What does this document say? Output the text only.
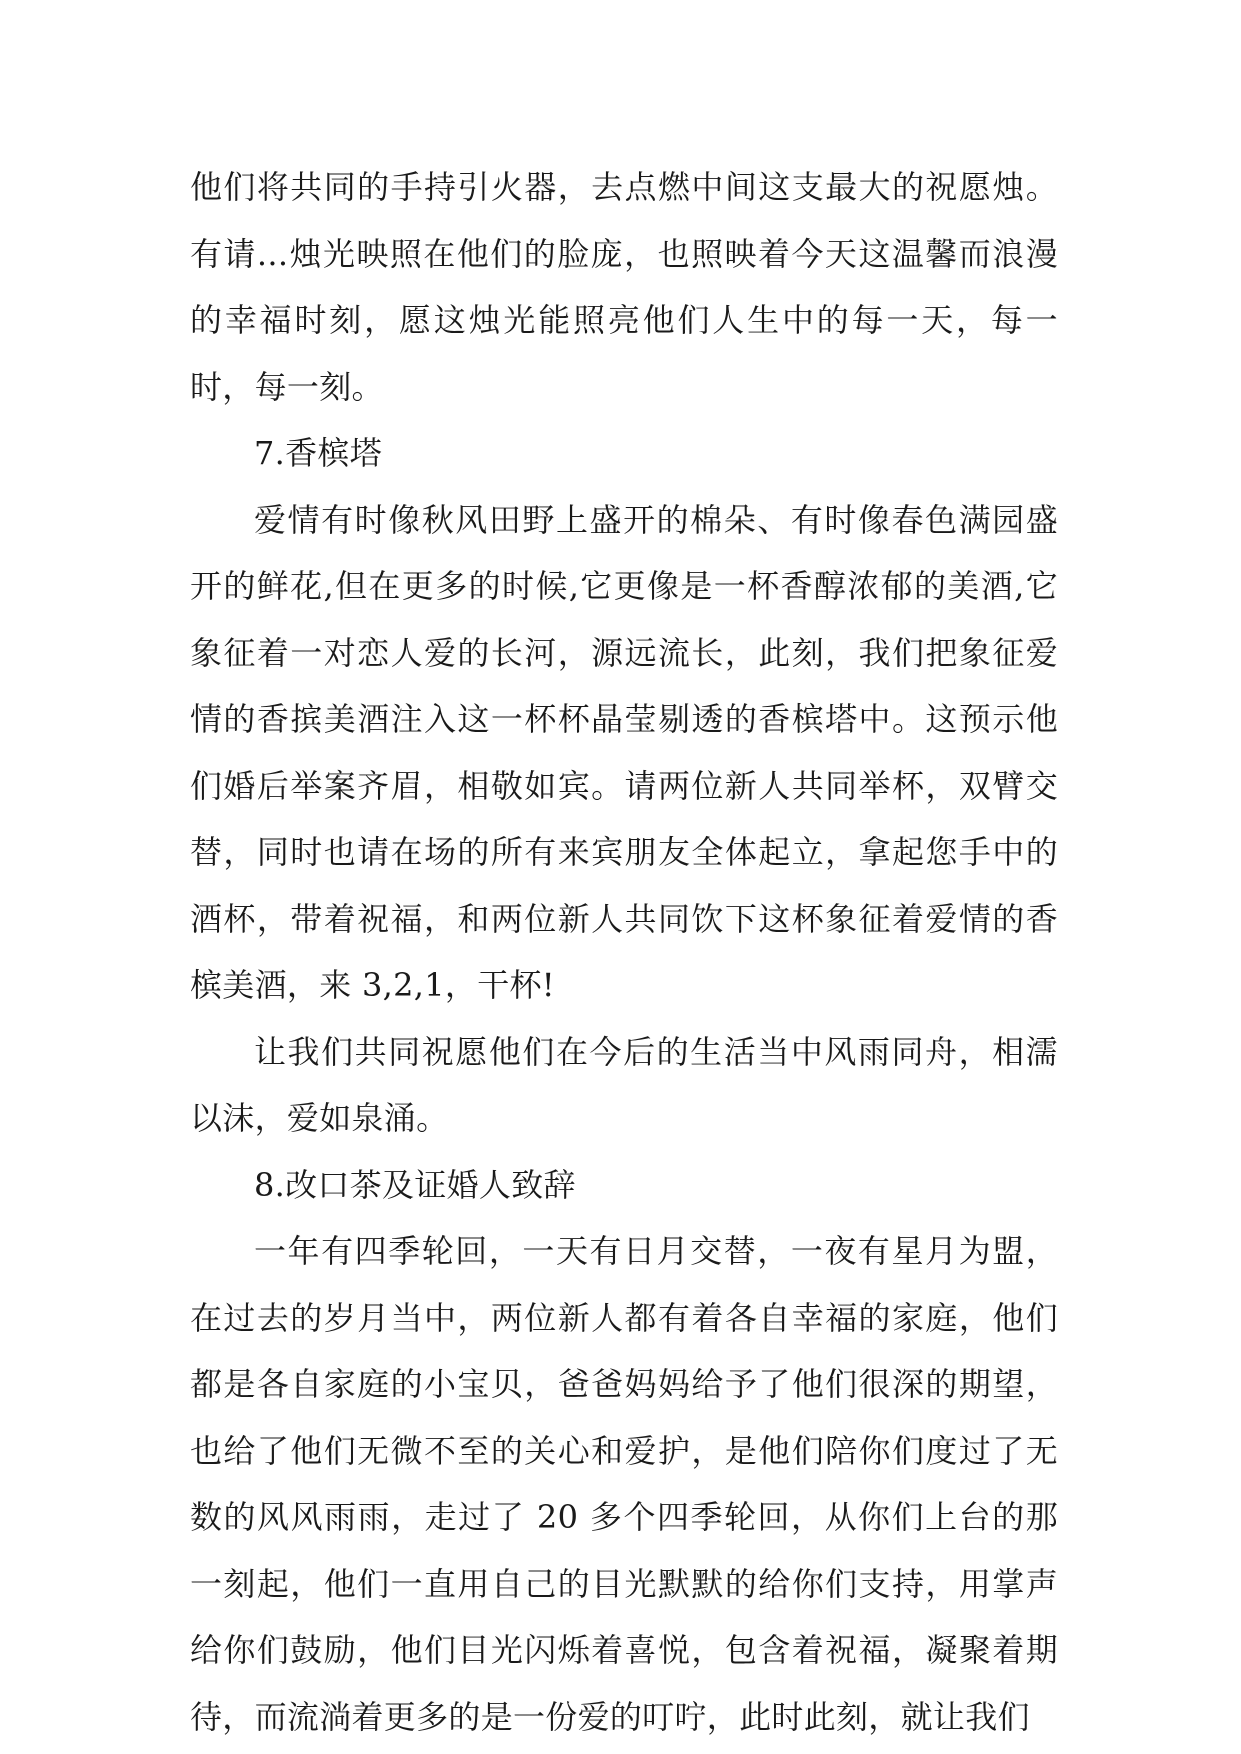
他们将共同的手持引火器，去点燃中间这支最大的祝愿烛。有请...烛光映照在他们的脸庞，也照映着今天这温馨而浪漫的幸福时刻，愿这烛光能照亮他们人生中的每一天，每一时，每一刻。

7.香槟塔

爱情有时像秋风田野上盛开的棉朵、有时像春色满园盛开的鲜花,但在更多的时候,它更像是一杯香醇浓郁的美酒,它象征着一对恋人爱的长河，源远流长，此刻，我们把象征爱情的香摈美酒注入这一杯杯晶莹剔透的香槟塔中。这预示他们婚后举案齐眉，相敬如宾。请两位新人共同举杯，双臂交替，同时也请在场的所有来宾朋友全体起立，拿起您手中的酒杯，带着祝福，和两位新人共同饮下这杯象征着爱情的香槟美酒，来 3,2,1，干杯!

让我们共同祝愿他们在今后的生活当中风雨同舟，相濡以沫，爱如泉涌。

8.改口茶及证婚人致辞

一年有四季轮回，一天有日月交替，一夜有星月为盟，在过去的岁月当中，两位新人都有着各自幸福的家庭，他们都是各自家庭的小宝贝，爸爸妈妈给予了他们很深的期望，也给了他们无微不至的关心和爱护，是他们陪你们度过了无数的风风雨雨，走过了 20 多个四季轮回，从你们上台的那一刻起，他们一直用自己的目光默默的给你们支持，用掌声给你们鼓励，他们目光闪烁着喜悦，包含着祝福，凝聚着期待，而流淌着更多的是一份爱的叮咛，此时此刻，就让我们
